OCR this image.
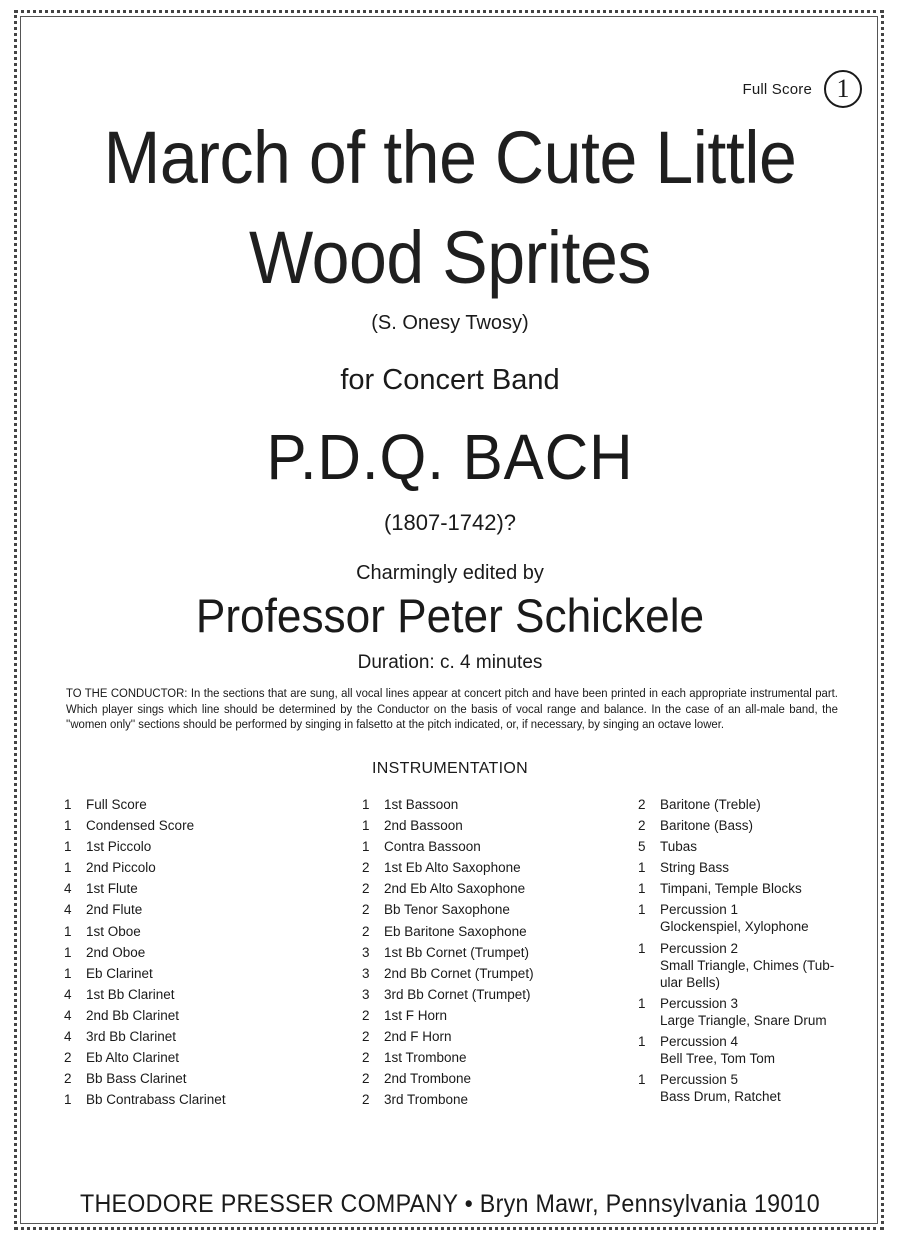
Full Score 1
March of the Cute Little
Wood Sprites
(S. Onesy Twosy)
for Concert Band
P.D.Q. BACH
(1807-1742)?
Charmingly edited by
Professor Peter Schickele
Duration: c. 4 minutes
TO THE CONDUCTOR: In the sections that are sung, all vocal lines appear at concert pitch and have been printed in each appropriate instrumental part. Which player sings which line should be determined by the Conductor on the basis of vocal range and balance. In the case of an all-male band, the ''women only'' sections should be performed by singing in falsetto at the pitch indicated, or, if necessary, by singing an octave lower.
INSTRUMENTATION
1	Full Score
1	Condensed Score
1	1st Piccolo
1	2nd Piccolo
4	1st Flute
4	2nd Flute
1	1st Oboe
1	2nd Oboe
1	Eb Clarinet
4	1st Bb Clarinet
4	2nd Bb Clarinet
4	3rd Bb Clarinet
2	Eb Alto Clarinet
2	Bb Bass Clarinet
1	Bb Contrabass Clarinet
1	1st Bassoon
1	2nd Bassoon
1	Contra Bassoon
2	1st Eb Alto Saxophone
2	2nd Eb Alto Saxophone
2	Bb Tenor Saxophone
2	Eb Baritone Saxophone
3	1st Bb Cornet (Trumpet)
3	2nd Bb Cornet (Trumpet)
3	3rd Bb Cornet (Trumpet)
2	1st F Horn
2	2nd F Horn
2	1st Trombone
2	2nd Trombone
2	3rd Trombone
2	Baritone (Treble)
2	Baritone (Bass)
5	Tubas
1	String Bass
1	Timpani, Temple Blocks
1	Percussion 1
Glockenspiel, Xylophone
1	Percussion 2
Small Triangle, Chimes (Tub-
ular Bells)
1	Percussion 3
Large Triangle, Snare Drum
1	Percussion 4
Bell Tree, Tom Tom
1	Percussion 5
Bass Drum, Ratchet
THEODORE PRESSER COMPANY • Bryn Mawr, Pennsylvania 19010
